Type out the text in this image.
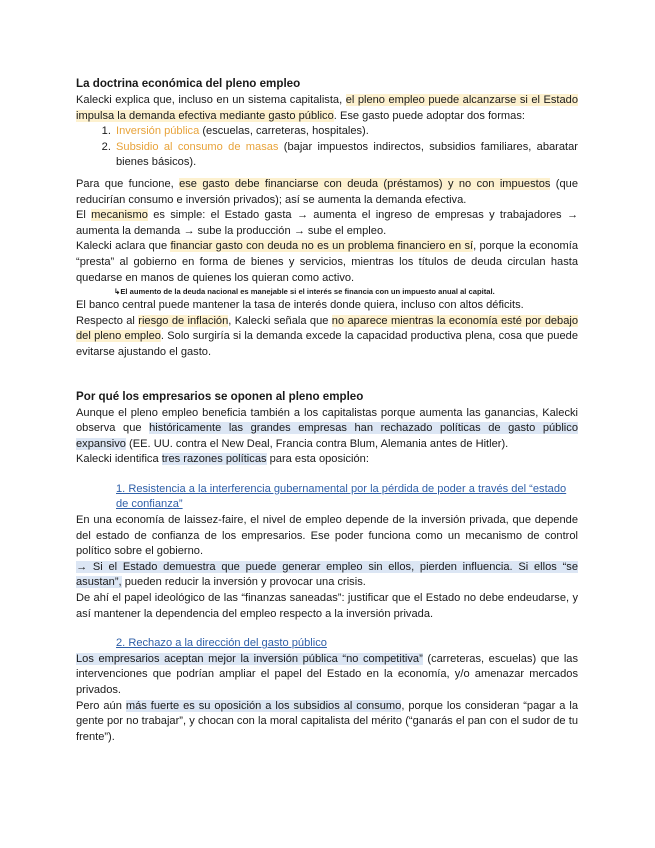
La doctrina económica del pleno empleo

Kalecki explica que, incluso en un sistema capitalista, el pleno empleo puede alcanzarse si el Estado impulsa la demanda efectiva mediante gasto público. Ese gasto puede adoptar dos formas:

1. Inversión pública (escuelas, carreteras, hospitales).
2. Subsidio al consumo de masas (bajar impuestos indirectos, subsidios familiares, abaratar bienes básicos).

Para que funcione, ese gasto debe financiarse con deuda (préstamos) y no con impuestos (que reducirían consumo e inversión privados); así se aumenta la demanda efectiva.

El mecanismo es simple: el Estado gasta → aumenta el ingreso de empresas y trabajadores → aumenta la demanda → sube la producción → sube el empleo.

Kalecki aclara que financiar gasto con deuda no es un problema financiero en sí, porque la economía “presta” al gobierno en forma de bienes y servicios, mientras los títulos de deuda circulan hasta quedarse en manos de quienes los quieran como activo.

↳El aumento de la deuda nacional es manejable si el interés se financia con un impuesto anual al capital.

El banco central puede mantener la tasa de interés donde quiera, incluso con altos déficits.

Respecto al riesgo de inflación, Kalecki señala que no aparece mientras la economía esté por debajo del pleno empleo. Solo surgiría si la demanda excede la capacidad productiva plena, cosa que puede evitarse ajustando el gasto.

Por qué los empresarios se oponen al pleno empleo

Aunque el pleno empleo beneficia también a los capitalistas porque aumenta las ganancias, Kalecki observa que históricamente las grandes empresas han rechazado políticas de gasto público expansivo (EE. UU. contra el New Deal, Francia contra Blum, Alemania antes de Hitler).

Kalecki identifica tres razones políticas para esta oposición:

1. Resistencia a la interferencia gubernamental por la pérdida de poder a través del “estado de confianza”

En una economía de laissez-faire, el nivel de empleo depende de la inversión privada, que depende del estado de confianza de los empresarios. Ese poder funciona como un mecanismo de control político sobre el gobierno.

→ Si el Estado demuestra que puede generar empleo sin ellos, pierden influencia. Si ellos “se asustan”, pueden reducir la inversión y provocar una crisis.

De ahí el papel ideológico de las “finanzas saneadas”: justificar que el Estado no debe endeudarse, y así mantener la dependencia del empleo respecto a la inversión privada.

2. Rechazo a la dirección del gasto público

Los empresarios aceptan mejor la inversión pública “no competitiva” (carreteras, escuelas) que las intervenciones que podrían ampliar el papel del Estado en la economía, y/o amenazar mercados privados.

Pero aún más fuerte es su oposición a los subsidios al consumo, porque los consideran “pagar a la gente por no trabajar”, y chocan con la moral capitalista del mérito (“ganarás el pan con el sudor de tu frente”).
